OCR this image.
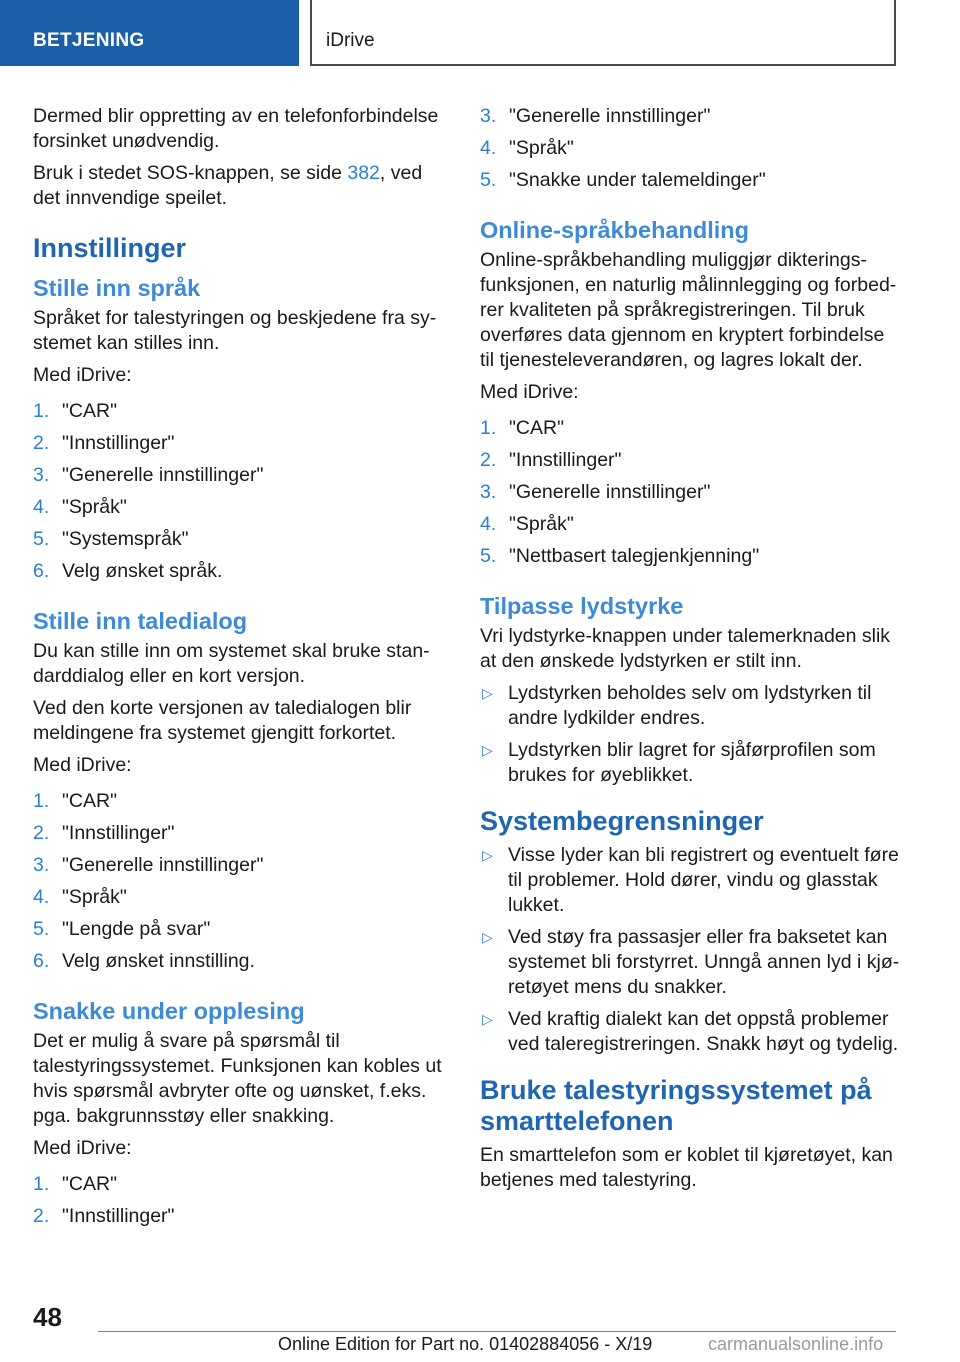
BETJENING	iDrive

Dermed blir oppretting av en telefonforbindelse forsinket unødvendig.

Bruk i stedet SOS-knappen, se side 382, ved det innvendige speilet.

Innstillinger
Stille inn språk

Språket for talestyringen og beskjedene fra systemet kan stilles inn.

Med iDrive:

1. "CAR"
2. "Innstillinger"
3. "Generelle innstillinger"
4. "Språk"
5. "Systemspråk"
6. Velg ønsket språk.
Stille inn taledialog

Du kan stille inn om systemet skal bruke standarddialog eller en kort versjon.

Ved den korte versjonen av taledialogen blir meldingene fra systemet gjengitt forkortet.

Med iDrive:

1. "CAR"
2. "Innstillinger"
3. "Generelle innstillinger"
4. "Språk"
5. "Lengde på svar"
6. Velg ønsket innstilling.
Snakke under opplesing

Det er mulig å svare på spørsmål til talestyringssystemet. Funksjonen kan kobles ut hvis spørsmål avbryter ofte og uønsket, f.eks. pga. bakgrunnsstøy eller snakking.

Med iDrive:

1. "CAR"
2. "Innstillinger"
3. "Generelle innstillinger"
4. "Språk"
5. "Snakke under talemeldinger"
Online-språkbehandling

Online-språkbehandling muliggjør dikteringsfunksjonen, en naturlig målinnlegging og forbedrer kvaliteten på språkregistreringen. Til bruk overføres data gjennom en kryptert forbindelse til tjenesteleverandøren, og lagres lokalt der.

Med iDrive:

1. "CAR"
2. "Innstillinger"
3. "Generelle innstillinger"
4. "Språk"
5. "Nettbasert talegjenkjenning"
Tilpasse lydstyrke

Vri lydstyrke-knappen under talemerknaden slik at den ønskede lydstyrken er stilt inn.

▷ Lydstyrken beholdes selv om lydstyrken til andre lydkilder endres.
▷ Lydstyrken blir lagret for sjåførprofilen som brukes for øyeblikket.
Systembegrensninger
▷ Visse lyder kan bli registrert og eventuelt føre til problemer. Hold dører, vindu og glasstak lukket.
▷ Ved støy fra passasjer eller fra baksetet kan systemet bli forstyrret. Unngå annen lyd i kjøretøyet mens du snakker.
▷ Ved kraftig dialekt kan det oppstå problemer ved taleregistreringen. Snakk høyt og tydelig.
Bruke talestyringssystemet på smarttelefonen

En smarttelefon som er koblet til kjøretøyet, kan betjenes med talestyring.

48
Online Edition for Part no. 01402884056 - X/19	carmanualsonline.info
